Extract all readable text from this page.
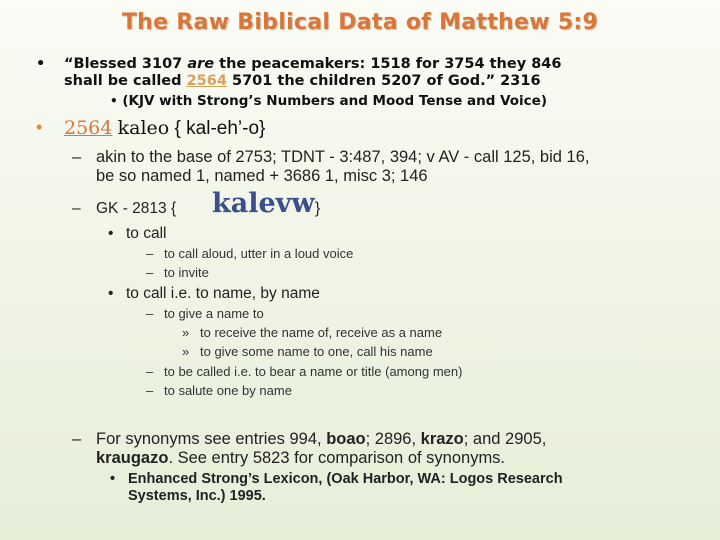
The Raw Biblical Data of Matthew 5:9
• “Blessed 3107 are the peacemakers: 1518 for 3754 they 846
shall be called 2564 5701 the children 5207 of God.” 2316
• (KJV with Strong’s Numbers and Mood Tense and Voice)
• 2564 kaleo { kal-eh’-o}
– akin to the base of 2753; TDNT - 3:487, 394; v AV - call 125, bid 16,
be so named 1, named + 3686 1, misc 3; 146
– GK - 2813 { kalevw }
• to call
– to call aloud, utter in a loud voice
– to invite
• to call i.e. to name, by name
– to give a name to
» to receive the name of, receive as a name
» to give some name to one, call his name
– to be called i.e. to bear a name or title (among men)
– to salute one by name
– For synonyms see entries 994, boao; 2896, krazo; and 2905,
kraugazo. See entry 5823 for comparison of synonyms.
• Enhanced Strong’s Lexicon, (Oak Harbor, WA: Logos Research
Systems, Inc.) 1995.
